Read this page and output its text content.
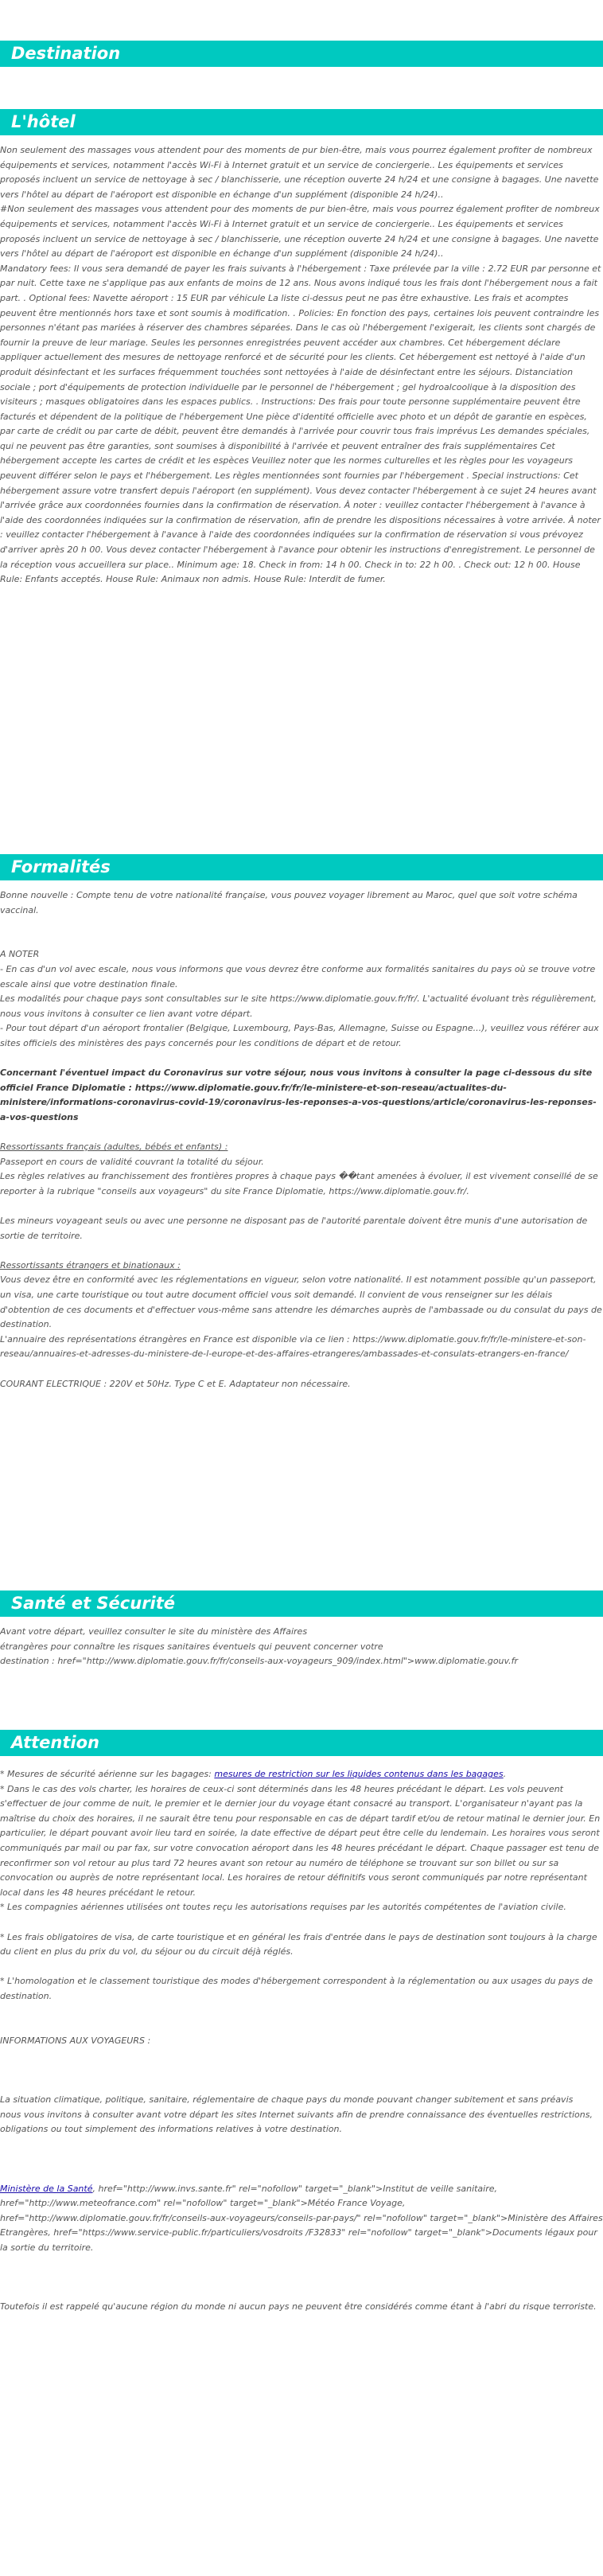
Destination
L'hôtel

Non seulement des massages vous attendent pour des moments de pur bien-être, mais vous pourrez également profiter de nombreux équipements et services, notamment l'accès Wi-Fi à Internet gratuit et un service de conciergerie.. Les équipements et services proposés incluent un service de nettoyage à sec / blanchisserie, une réception ouverte 24 h/24 et une consigne à bagages. Une navette vers l'hôtel au départ de l'aéroport est disponible en échange d'un supplément (disponible 24 h/24)..

#Non seulement des massages vous attendent pour des moments de pur bien-être, mais vous pourrez également profiter de nombreux équipements et services, notamment l'accès Wi-Fi à Internet gratuit et un service de conciergerie.. Les équipements et services proposés incluent un service de nettoyage à sec / blanchisserie, une réception ouverte 24 h/24 et une consigne à bagages. Une navette vers l'hôtel au départ de l'aéroport est disponible en échange d'un supplément (disponible 24 h/24)..

Mandatory fees: Il vous sera demandé de payer les frais suivants à l'hébergement : Taxe prélevée par la ville : 2.72 EUR par personne et par nuit. Cette taxe ne s'applique pas aux enfants de moins de 12 ans. Nous avons indiqué tous les frais dont l'hébergement nous a fait part. . Optional fees: Navette aéroport : 15 EUR par véhicule La liste ci-dessus peut ne pas être exhaustive. Les frais et acomptes peuvent être mentionnés hors taxe et sont soumis à modification. . Policies: En fonction des pays, certaines lois peuvent contraindre les personnes n'étant pas mariées à réserver des chambres séparées. Dans le cas où l'hébergement l'exigerait, les clients sont chargés de fournir la preuve de leur mariage. Seules les personnes enregistrées peuvent accéder aux chambres. Cet hébergement déclare appliquer actuellement des mesures de nettoyage renforcé et de sécurité pour les clients. Cet hébergement est nettoyé à l'aide d'un produit désinfectant et les surfaces fréquemment touchées sont nettoyées à l'aide de désinfectant entre les séjours. Distanciation sociale ; port d'équipements de protection individuelle par le personnel de l'hébergement ; gel hydroalcoolique à la disposition des visiteurs ; masques obligatoires dans les espaces publics. . Instructions: Des frais pour toute personne supplémentaire peuvent être facturés et dépendent de la politique de l'hébergement Une pièce d'identité officielle avec photo et un dépôt de garantie en espèces, par carte de crédit ou par carte de débit, peuvent être demandés à l'arrivée pour couvrir tous frais imprévus Les demandes spéciales, qui ne peuvent pas être garanties, sont soumises à disponibilité à l'arrivée et peuvent entraîner des frais supplémentaires Cet hébergement accepte les cartes de crédit et les espèces Veuillez noter que les normes culturelles et les règles pour les voyageurs peuvent différer selon le pays et l'hébergement. Les règles mentionnées sont fournies par l'hébergement . Special instructions: Cet hébergement assure votre transfert depuis l'aéroport (en supplément). Vous devez contacter l'hébergement à ce sujet 24 heures avant l'arrivée grâce aux coordonnées fournies dans la confirmation de réservation. À noter : veuillez contacter l'hébergement à l'avance à l'aide des coordonnées indiquées sur la confirmation de réservation, afin de prendre les dispositions nécessaires à votre arrivée. À noter : veuillez contacter l'hébergement à l'avance à l'aide des coordonnées indiquées sur la confirmation de réservation si vous prévoyez d'arriver après 20 h 00. Vous devez contacter l'hébergement à l'avance pour obtenir les instructions d'enregistrement. Le personnel de la réception vous accueillera sur place.. Minimum age: 18. Check in from: 14 h 00. Check in to: 22 h 00. . Check out: 12 h 00. House Rule: Enfants acceptés. House Rule: Animaux non admis. House Rule: Interdit de fumer.

Formalités

Bonne nouvelle : Compte tenu de votre nationalité française, vous pouvez voyager librement au Maroc, quel que soit votre schéma vaccinal.

A NOTER

- En cas d'un vol avec escale, nous vous informons que vous devrez être conforme aux formalités sanitaires du pays où se trouve votre escale ainsi que votre destination finale.

Les modalités pour chaque pays sont consultables sur le site https://www.diplomatie.gouv.fr/fr/. L'actualité évoluant très régulièrement, nous vous invitons à consulter ce lien avant votre départ.

- Pour tout départ d'un aéroport frontalier (Belgique, Luxembourg, Pays-Bas, Allemagne, Suisse ou Espagne...), veuillez vous référer aux sites officiels des ministères des pays concernés pour les conditions de départ et de retour.

Concernant l'éventuel impact du Coronavirus sur votre séjour, nous vous invitons à consulter la page ci-dessous du site officiel France Diplomatie : https://www.diplomatie.gouv.fr/fr/le-ministere-et-son-reseau/actualites-du-ministere/informations-coronavirus-covid-19/coronavirus-les-reponses-a-vos-questions/article/coronavirus-les-reponses-a-vos-questions

Ressortissants français (adultes, bébés et enfants) :

Passeport en cours de validité couvrant la totalité du séjour.

Les règles relatives au franchissement des frontières propres à chaque pays ��tant amenées à évoluer, il est vivement conseillé de se reporter à la rubrique "conseils aux voyageurs" du site France Diplomatie, https://www.diplomatie.gouv.fr/.

Les mineurs voyageant seuls ou avec une personne ne disposant pas de l'autorité parentale doivent être munis d'une autorisation de sortie de territoire.

Ressortissants étrangers et binationaux :

Vous devez être en conformité avec les réglementations en vigueur, selon votre nationalité. Il est notamment possible qu'un passeport, un visa, une carte touristique ou tout autre document officiel vous soit demandé. Il convient de vous renseigner sur les délais d'obtention de ces documents et d'effectuer vous-même sans attendre les démarches auprès de l'ambassade ou du consulat du pays de destination.

L'annuaire des représentations étrangères en France est disponible via ce lien : https://www.diplomatie.gouv.fr/fr/le-ministere-et-son-reseau/annuaires-et-adresses-du-ministere-de-l-europe-et-des-affaires-etrangeres/ambassades-et-consulats-etrangers-en-france/

COURANT ELECTRIQUE : 220V et 50Hz. Type C et E. Adaptateur non nécessaire.

Santé et Sécurité

Avant votre départ, veuillez consulter le site du ministère des Affaires

étrangères pour connaître les risques sanitaires éventuels qui peuvent concerner votre

destination : href="http://www.diplomatie.gouv.fr/fr/conseils-aux-voyageurs_909/index.html">www.diplomatie.gouv.fr

Attention

* Mesures de sécurité aérienne sur les bagages: mesures de restriction sur les liquides contenus dans les bagages.

* Dans le cas des vols charter, les horaires de ceux-ci sont déterminés dans les 48 heures précédant le départ. Les vols peuvent s'effectuer de jour comme de nuit, le premier et le dernier jour du voyage étant consacré au transport. L'organisateur n'ayant pas la maîtrise du choix des horaires, il ne saurait être tenu pour responsable en cas de départ tardif et/ou de retour matinal le dernier jour. En particulier, le départ pouvant avoir lieu tard en soirée, la date effective de départ peut être celle du lendemain. Les horaires vous seront communiqués par mail ou par fax, sur votre convocation aéroport dans les 48 heures précédant le départ. Chaque passager est tenu de reconfirmer son vol retour au plus tard 72 heures avant son retour au numéro de téléphone se trouvant sur son billet ou sur sa convocation ou auprès de notre représentant local. Les horaires de retour définitifs vous seront communiqués par notre représentant local dans les 48 heures précédant le retour.

* Les compagnies aériennes utilisées ont toutes reçu les autorisations requises par les autorités compétentes de l'aviation civile.

* Les frais obligatoires de visa, de carte touristique et en général les frais d'entrée dans le pays de destination sont toujours à la charge du client en plus du prix du vol, du séjour ou du circuit déjà réglés.

* L'homologation et le classement touristique des modes d'hébergement correspondent à la réglementation ou aux usages du pays de destination.

INFORMATIONS AUX VOYAGEURS :

La situation climatique, politique, sanitaire, réglementaire de chaque pays du monde pouvant changer subitement et sans préavis

nous vous invitons à consulter avant votre départ les sites Internet suivants afin de prendre connaissance des éventuelles restrictions, obligations ou tout simplement des informations relatives à votre destination.

Ministère de la Santé, href="http://www.invs.sante.fr" rel="nofollow" target="_blank">Institut de veille sanitaire, href="http://www.meteofrance.com" rel="nofollow" target="_blank">Météo France Voyage, href="http://www.diplomatie.gouv.fr/fr/conseils-aux-voyageurs/conseils-par-pays/" rel="nofollow" target="_blank">Ministère des Affaires Etrangères, href="https://www.service-public.fr/particuliers/vosdroits /F32833" rel="nofollow" target="_blank">Documents légaux pour la sortie du territoire.

Toutefois il est rappelé qu'aucune région du monde ni aucun pays ne peuvent être considérés comme étant à l'abri du risque terroriste.
